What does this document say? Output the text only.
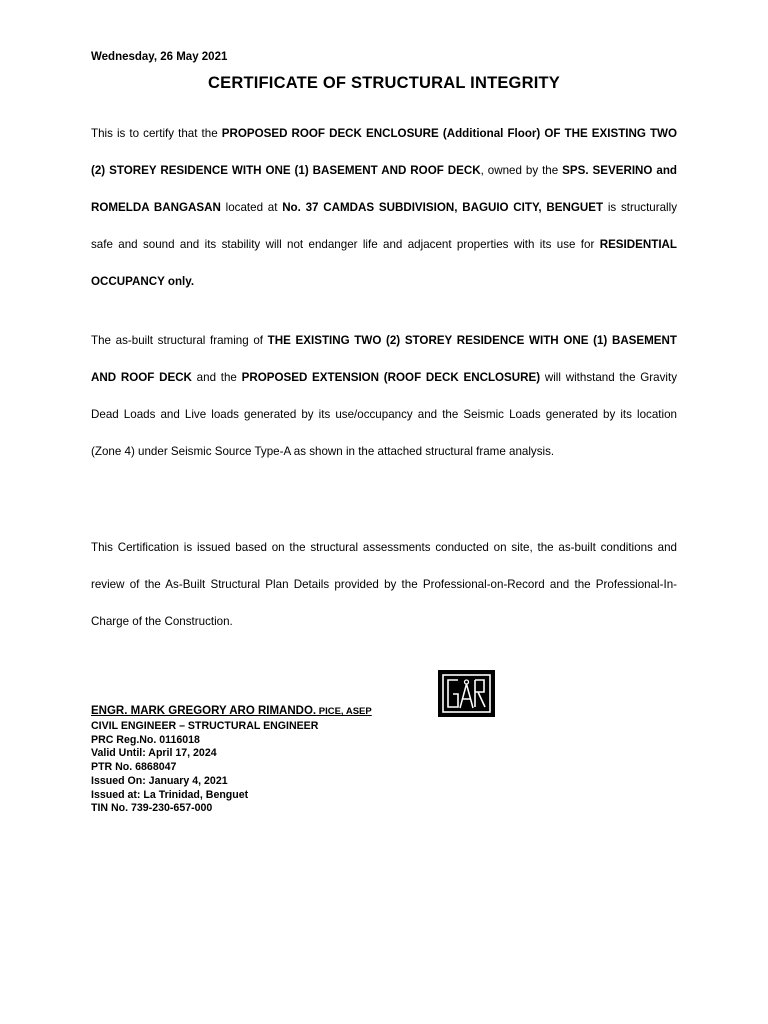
Wednesday, 26 May 2021
CERTIFICATE OF STRUCTURAL INTEGRITY
This is to certify that the PROPOSED ROOF DECK ENCLOSURE (Additional Floor) OF THE EXISTING TWO (2) STOREY RESIDENCE WITH ONE (1) BASEMENT AND ROOF DECK, owned by the SPS. SEVERINO and ROMELDA BANGASAN located at No. 37 CAMDAS SUBDIVISION, BAGUIO CITY, BENGUET is structurally safe and sound and its stability will not endanger life and adjacent properties with its use for RESIDENTIAL OCCUPANCY only.
The as-built structural framing of THE EXISTING TWO (2) STOREY RESIDENCE WITH ONE (1) BASEMENT AND ROOF DECK and the PROPOSED EXTENSION (ROOF DECK ENCLOSURE) will withstand the Gravity Dead Loads and Live loads generated by its use/occupancy and the Seismic Loads generated by its location (Zone 4) under Seismic Source Type-A as shown in the attached structural frame analysis.
This Certification is issued based on the structural assessments conducted on site, the as-built conditions and review of the As-Built Structural Plan Details provided by the Professional-on-Record and the Professional-In-Charge of the Construction.
ENGR. MARK GREGORY ARO RIMANDO. PICE, ASEP
CIVIL ENGINEER – STRUCTURAL ENGINEER
PRC Reg.No. 0116018
Valid Until: April 17, 2024
PTR No. 6868047
Issued On: January 4, 2021
Issued at: La Trinidad, Benguet
TIN No. 739-230-657-000
